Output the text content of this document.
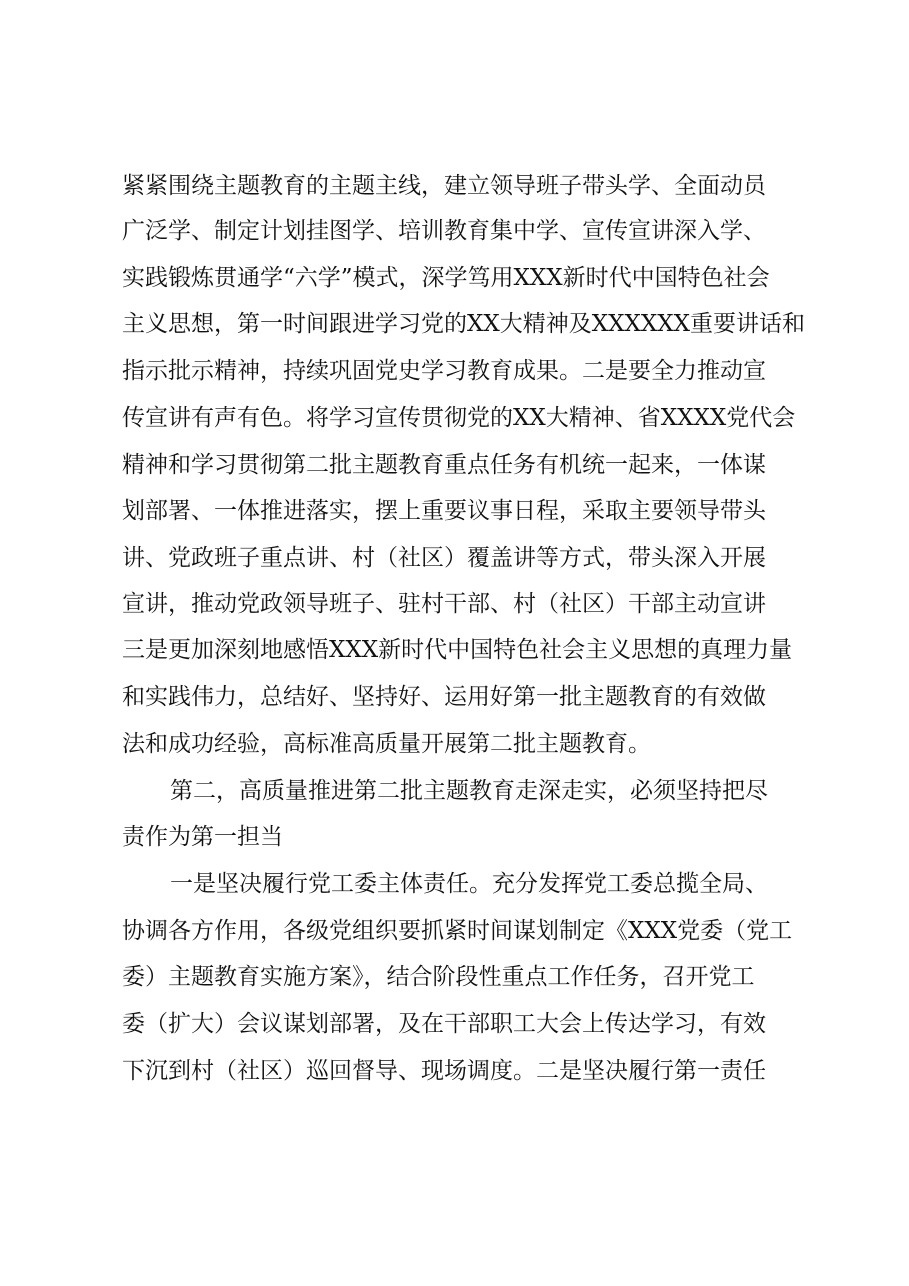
紧紧围绕主题教育的主题主线，建立领导班子带头学、全面动员
广泛学、制定计划挂图学、培训教育集中学、宣传宣讲深入学、
实践锻炼贯通学“六学”模式，深学笃用XXX新时代中国特色社会
主义思想，第一时间跟进学习党的XX大精神及XXXXXX重要讲话和
指示批示精神，持续巩固党史学习教育成果。二是要全力推动宣
传宣讲有声有色。将学习宣传贯彻党的XX大精神、省XXXX党代会
精神和学习贯彻第二批主题教育重点任务有机统一起来，一体谋
划部署、一体推进落实，摆上重要议事日程，采取主要领导带头
讲、党政班子重点讲、村（社区）覆盖讲等方式，带头深入开展
宣讲，推动党政领导班子、驻村干部、村（社区）干部主动宣讲
三是更加深刻地感悟XXX新时代中国特色社会主义思想的真理力量
和实践伟力，总结好、坚持好、运用好第一批主题教育的有效做
法和成功经验，高标准高质量开展第二批主题教育。
第二，高质量推进第二批主题教育走深走实，必须坚持把尽
责作为第一担当
一是坚决履行党工委主体责任。充分发挥党工委总揽全局、
协调各方作用，各级党组织要抓紧时间谋划制定《XXX党委（党工
委）主题教育实施方案》，结合阶段性重点工作任务，召开党工
委（扩大）会议谋划部署，及在干部职工大会上传达学习，有效
下沉到村（社区）巡回督导、现场调度。二是坚决履行第一责任
